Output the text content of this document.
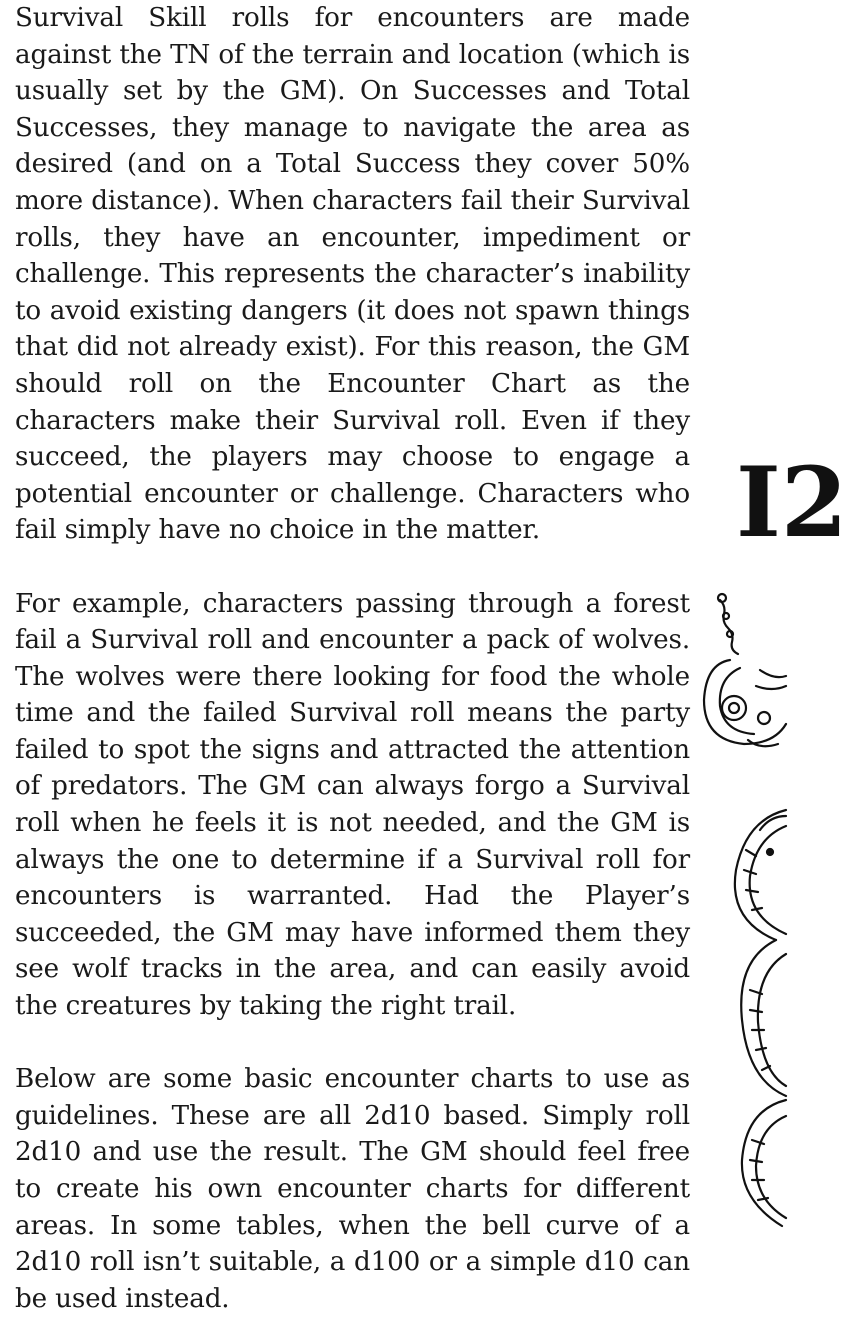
Survival Skill rolls for encounters are made against the TN of the terrain and location (which is usually set by the GM). On Successes and Total Successes, they manage to navigate the area as desired (and on a Total Success they cover 50% more distance). When characters fail their Survival rolls, they have an encounter, impediment or challenge. This represents the character’s inability to avoid existing dangers (it does not spawn things that did not already exist). For this reason, the GM should roll on the Encounter Chart as the characters make their Survival roll. Even if they succeed, the players may choose to engage a potential encounter or challenge. Characters who fail simply have no choice in the matter.

For example, characters passing through a forest fail a Survival roll and encounter a pack of wolves. The wolves were there looking for food the whole time and the failed Survival roll means the party failed to spot the signs and attracted the attention of predators. The GM can always forgo a Survival roll when he feels it is not needed, and the GM is always the one to determine if a Survival roll for encounters is warranted. Had the Player’s succeeded, the GM may have informed them they see wolf tracks in the area, and can easily avoid the creatures by taking the right trail.

Below are some basic encounter charts to use as guidelines. These are all 2d10 based. Simply roll 2d10 and use the result. The GM should feel free to create his own encounter charts for different areas. In some tables, when the bell curve of a 2d10 roll isn’t suitable, a d100 or a simple d10 can be used instead.

I2
